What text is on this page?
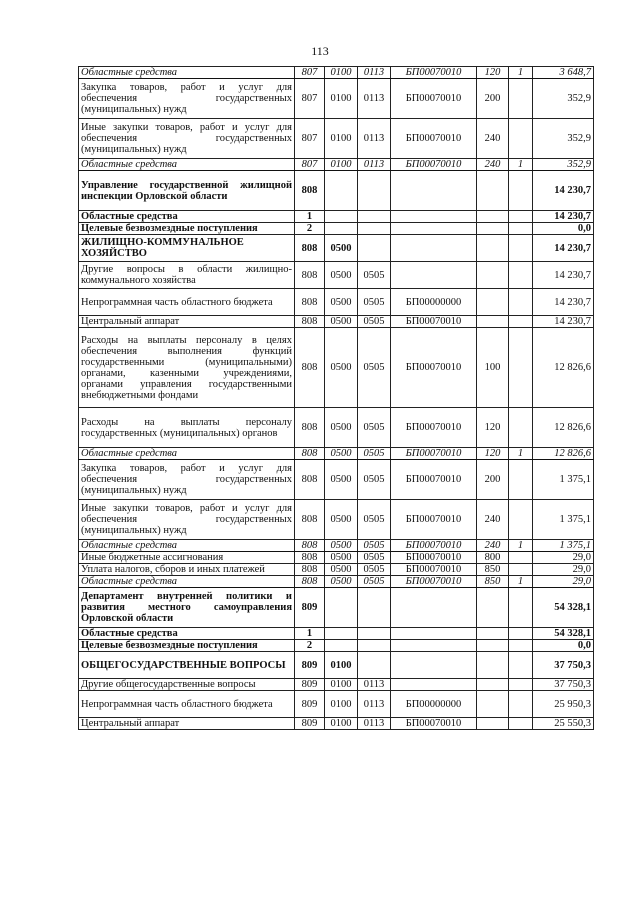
113
Областные средства	807	0100	0113	БП00070010	120	1	3 648,7
Закупка товаров, работ и услуг для обеспечения государственных (муниципальных) нужд	807	0100	0113	БП00070010	200		352,9
Иные закупки товаров, работ и услуг для обеспечения государственных (муниципальных) нужд	807	0100	0113	БП00070010	240		352,9
Областные средства	807	0100	0113	БП00070010	240	1	352,9
Управление государственной жилищной инспекции Орловской области	808						14 230,7
Областные средства	1						14 230,7
Целевые безвозмездные поступления	2						0,0
ЖИЛИЩНО-КОММУНАЛЬНОЕ ХОЗЯЙСТВО	808	0500					14 230,7
Другие вопросы в области жилищно-коммунального хозяйства	808	0500	0505				14 230,7
Непрограммная часть областного бюджета	808	0500	0505	БП00000000			14 230,7
Центральный аппарат	808	0500	0505	БП00070010			14 230,7
Расходы на выплаты персоналу в целях обеспечения выполнения функций государственными (муниципальными) органами, казенными учреждениями, органами управления государственными внебюджетными фондами	808	0500	0505	БП00070010	100		12 826,6
Расходы на выплаты персоналу государственных (муниципальных) органов	808	0500	0505	БП00070010	120		12 826,6
Областные средства	808	0500	0505	БП00070010	120	1	12 826,6
Закупка товаров, работ и услуг для обеспечения государственных (муниципальных) нужд	808	0500	0505	БП00070010	200		1 375,1
Иные закупки товаров, работ и услуг для обеспечения государственных (муниципальных) нужд	808	0500	0505	БП00070010	240		1 375,1
Областные средства	808	0500	0505	БП00070010	240	1	1 375,1
Иные бюджетные ассигнования	808	0500	0505	БП00070010	800		29,0
Уплата налогов, сборов и иных платежей	808	0500	0505	БП00070010	850		29,0
Областные средства	808	0500	0505	БП00070010	850	1	29,0
Департамент внутренней политики и развития местного самоуправления Орловской области	809						54 328,1
Областные средства	1						54 328,1
Целевые безвозмездные поступления	2						0,0
ОБЩЕГОСУДАРСТВЕННЫЕ ВОПРОСЫ	809	0100					37 750,3
Другие общегосударственные вопросы	809	0100	0113				37 750,3
Непрограммная часть областного бюджета	809	0100	0113	БП00000000			25 950,3
Центральный аппарат	809	0100	0113	БП00070010			25 550,3
